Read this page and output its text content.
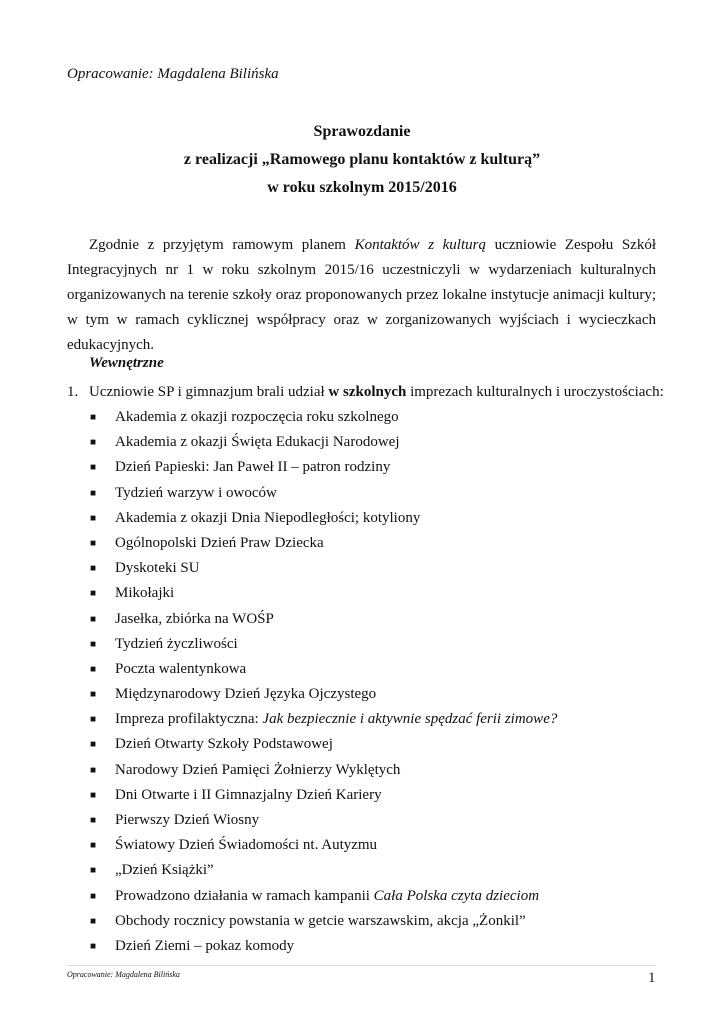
Opracowanie: Magdalena Bilińska
Sprawozdanie
z realizacji „Ramowego planu kontaktów z kulturą”
w roku szkolnym 2015/2016
Zgodnie z przyjętym ramowym planem Kontaktów z kulturą uczniowie Zespołu Szkół Integracyjnych nr 1 w roku szkolnym 2015/16 uczestniczyli w wydarzeniach kulturalnych organizowanych na terenie szkoły oraz proponowanych przez lokalne instytucje animacji kultury; w tym w ramach cyklicznej współpracy oraz w zorganizowanych wyjściach i wycieczkach edukacyjnych.
Wewnętrzne
1. Uczniowie SP i gimnazjum brali udział w szkolnych imprezach kulturalnych i uroczystościach:
■ Akademia z okazji rozpoczęcia roku szkolnego
■ Akademia z okazji Święta Edukacji Narodowej
■ Dzień Papieski: Jan Paweł II – patron rodziny
■ Tydzień warzyw i owoców
■ Akademia z okazji Dnia Niepodległości; kotyliony
■ Ogólnopolski Dzień Praw Dziecka
■ Dyskoteki SU
■ Mikołajki
■ Jasełka, zbiórka na WOŚP
■ Tydzień życzliwości
■ Poczta walentynkowa
■ Międzynarodowy Dzień Języka Ojczystego
■ Impreza profilaktyczna: Jak bezpiecznie i aktywnie spędzać ferii zimowe?
■ Dzień Otwarty Szkoły Podstawowej
■ Narodowy Dzień Pamięci Żołnierzy Wyklętych
■ Dni Otwarte i II Gimnazjalny Dzień Kariery
■ Pierwszy Dzień Wiosny
■ Światowy Dzień Świadomości nt. Autyzmu
■ „Dzień Książki”
■ Prowadzono działania w ramach kampanii Cała Polska czyta dzieciom
■ Obchody rocznicy powstania w getcie warszawskim, akcja „Żonkil”
■ Dzień Ziemi – pokaz komody
Opracowanie: Magdalena Bilińska	1
